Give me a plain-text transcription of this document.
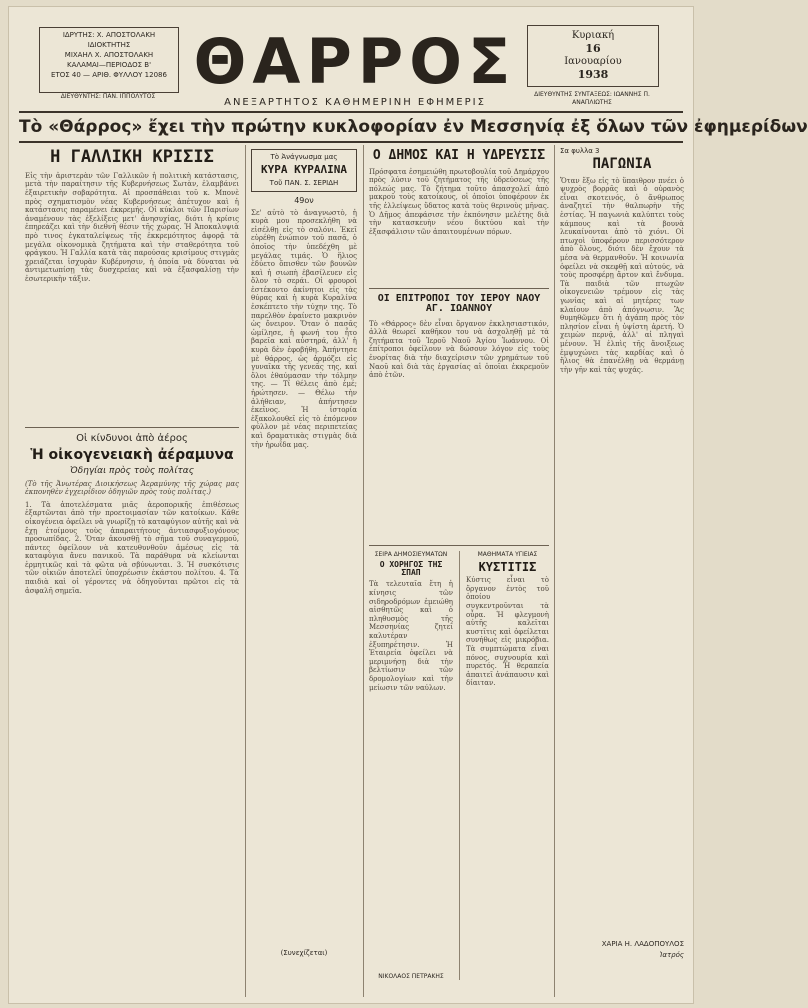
ΙΔΡΥΤΗΣ: Χ. ΑΠΟΣΤΟΛΑΚΗ
ΙΔΙΟΚΤΗΤΗΣ
ΜΙΧΑΗΛ Χ. ΑΠΟΣΤΟΛΑΚΗ
ΚΑΛΑΜΑΙ—ΠΕΡΙΟΔΟΣ Β'
ΕΤΟΣ 40 — ΑΡΙΘ. ΦΥΛΛΟΥ 12086
ΔΙΕΥΘΥΝΤΗΣ: ΠΑΝ. ΙΠΠΟΛΥΤΟΣ ΘΑΡΡΟΣ
ΑΝΕΞΑΡΤΗΤΟΣ ΚΑΘΗΜΕΡΙΝΗ ΕΦΗΜΕΡΙΣ
Κυριακή
16
Ιανουαρίου
1938
ΔΙΕΥΘΥΝΤΗΣ ΣΥΝΤΑΞΕΩΣ: ΙΩΑΝΝΗΣ Π. ΑΝΑΠΛΙΩΤΗΣ
Τὸ «Θάρρος» ἔχει τὴν πρώτην κυκλοφορίαν ἐν Μεσσηνίᾳ ἐξ ὅλων τῶν ἐφημερίδων
Η ΓΑΛΛΙΚΗ ΚΡΙΣΙΣ
Εἰς τὴν ἀριστερὰν τῶν Γαλλικῶν ἡ πολιτικὴ κατάστασις, μετὰ τὴν παραίτησιν τῆς Κυβερνήσεως Σωτὰν, ἐλαμβάνει ἐξαιρετικὴν σοβαρότητα. Αἱ προσπάθειαι τοῦ κ. Μπονὲ πρὸς σχηματισμὸν νέας Κυβερνήσεως ἀπέτυχον καὶ ἡ κατάστασις παραμένει ἐκκρεμής. Οἱ κύκλοι τῶν Παρισίων ἀναμένουν τὰς ἐξελίξεις μετ' ἀνησυχίας, διότι ἡ κρίσις ἐπηρεάζει καὶ τὴν διεθνῆ θέσιν τῆς χώρας. Ἡ Ἀποκαλυψιὰ πρὸ τινος ἐγκαταλείψεως τῆς ἐκκρεμότητος ἀφορᾷ τὰ μεγάλα οἰκονομικὰ ζητήματα καὶ τὴν σταθερότητα τοῦ φράγκου. Ἡ Γαλλία κατὰ τὰς παρούσας κρισίμους στιγμὰς χρειάζεται ἰσχυρὰν Κυβέρνησιν, ἡ ὁποία νὰ δύναται νὰ ἀντιμετωπίσῃ τὰς δυσχερείας καὶ νὰ ἐξασφαλίσῃ τὴν ἐσωτερικὴν τάξιν.
Οἱ κίνδυνοι ἀπὸ ἀέρος
Ἡ οἰκογενειακὴ ἀέραμυνα
Ὁδηγίαι πρὸς τοὺς πολίτας
(Τὸ τῆς Ἀνωτέρας Διοικήσεως Ἀεραμύνης τῆς χώρας μας ἐκπονηθὲν ἐγχειρίδιον ὁδηγιῶν πρὸς τοὺς πολίτας.)
1. Τὰ ἀποτελέσματα μιᾶς ἀεροπορικῆς ἐπιθέσεως ἐξαρτῶνται ἀπὸ τὴν προετοιμασίαν τῶν κατοίκων. Κάθε οἰκογένεια ὀφείλει νὰ γνωρίζῃ τὸ καταφύγιον αὐτῆς καὶ νὰ ἔχῃ ἑτοίμους τοὺς ἀπαραιτήτους ἀντιασφυξιογόνους προσωπίδας. 2. Ὅταν ἀκουσθῇ τὸ σῆμα τοῦ συναγερμοῦ, πάντες ὀφείλουν νὰ κατευθυνθοῦν ἀμέσως εἰς τὰ καταφύγια ἄνευ πανικοῦ. Τὰ παράθυρα νὰ κλείωνται ἑρμητικῶς καὶ τὰ φῶτα νὰ σβύνωνται. 3. Ἡ συσκότισις τῶν οἰκιῶν ἀποτελεῖ ὑποχρέωσιν ἑκάστου πολίτου. 4. Τὰ παιδιὰ καὶ οἱ γέροντες νὰ ὁδηγοῦνται πρῶτοι εἰς τὰ ἀσφαλῆ σημεῖα.
Τὸ Ἀνάγνωσμα μας
ΚΥΡΑ ΚΥΡΑΛΙΝΑ
Τοῦ ΠΑΝ. Σ. ΣΕΡΙΔΗ
49ον
Σε' αὐτὸ τὸ ἀναγνωστὸ, ἡ κυρὰ μου προσεκλήθη νὰ εἰσέλθῃ εἰς τὸ σαλόνι. Ἐκεῖ εὑρέθη ἐνώπιον τοῦ πασᾶ, ὁ ὁποῖος τὴν ὑπεδέχθη μὲ μεγάλας τιμάς. Ὁ ἥλιος ἐδύετο ὄπισθεν τῶν βουνῶν καὶ ἡ σιωπὴ ἐβασίλευεν εἰς ὅλον τὸ σεράι. Οἱ φρουροὶ ἐστέκοντο ἀκίνητοι εἰς τὰς θύρας καὶ ἡ κυρὰ Κυραλίνα ἐσκέπτετο τὴν τύχην της. Τὸ παρελθὸν ἐφαίνετο μακρινὸν ὡς ὄνειρον. Ὅταν ὁ πασᾶς ὡμίλησε, ἡ φωνή του ἦτο βαρεῖα καὶ αὐστηρά, ἀλλ' ἡ κυρὰ δὲν ἐφοβήθη. Ἀπήντησε μὲ θάρρος, ὡς ἁρμόζει εἰς γυναῖκα τῆς γενεᾶς της, καὶ ὅλοι ἐθαύμασαν τὴν τόλμην της. — Τί θέλεις ἀπὸ ἐμέ; ἠρώτησεν. — Θέλω τὴν ἀλήθειαν, ἀπήντησεν ἐκεῖνος. Ἡ ἱστορία ἐξακολουθεῖ εἰς τὸ ἑπόμενον φύλλον μὲ νέας περιπετείας καὶ δραματικὰς στιγμὰς διὰ τὴν ἡρωΐδα μας.
(Συνεχίζεται)
Ο ΔΗΜΟΣ ΚΑΙ Η ΥΔΡΕΥΣΙΣ
Πρόσφατα ἐσημειώθη πρωτοβουλία τοῦ Δημάρχου πρὸς λύσιν τοῦ ζητήματος τῆς ὑδρεύσεως τῆς πόλεώς μας. Τὸ ζήτημα τοῦτο ἀπασχολεῖ ἀπὸ μακροῦ τοὺς κατοίκους, οἱ ὁποῖοι ὑποφέρουν ἐκ τῆς ἐλλείψεως ὕδατος κατὰ τοὺς θερινοὺς μῆνας. Ὁ Δῆμος ἀπεφάσισε τὴν ἐκπόνησιν μελέτης διὰ τὴν κατασκευὴν νέου δικτύου καὶ τὴν ἐξασφάλισιν τῶν ἀπαιτουμένων πόρων.
ΟΙ ΕΠΙΤΡΟΠΟΙ ΤΟΥ ΙΕΡΟΥ ΝΑΟΥ ΑΓ. ΙΩΑΝΝΟΥ
Τὸ «Θάρρος» δὲν εἶναι ὄργανον ἐκκλησιαστικόν, ἀλλὰ θεωρεῖ καθῆκον του νὰ ἀσχοληθῇ μὲ τὰ ζητήματα τοῦ Ἱεροῦ Ναοῦ Ἁγίου Ἰωάννου. Οἱ ἐπίτροποι ὀφείλουν νὰ δώσουν λόγον εἰς τοὺς ἐνορίτας διὰ τὴν διαχείρισιν τῶν χρημάτων τοῦ Ναοῦ καὶ διὰ τὰς ἐργασίας αἱ ὁποῖαι ἐκκρεμοῦν ἀπὸ ἐτῶν.
ΣΕΙΡΑ ΔΗΜΟΣΙΕΥΜΑΤΩΝ
Ο ΧΟΡΗΓΟΣ ΤΗΣ ΣΠΑΠ
Τὰ τελευταῖα ἔτη ἡ κίνησις τῶν σιδηροδρόμων ἐμειώθη αἰσθητῶς καὶ ὁ πληθυσμὸς τῆς Μεσσηνίας ζητεῖ καλυτέραν ἐξυπηρέτησιν. Ἡ Ἑταιρεία ὀφείλει νὰ μεριμνήσῃ διὰ τὴν βελτίωσιν τῶν δρομολογίων καὶ τὴν μείωσιν τῶν ναύλων.
ΝΙΚΟΛΑΟΣ ΠΕΤΡΑΚΗΣ
ΜΑΘΗΜΑΤΑ ΥΓΙΕΙΑΣ
ΚΥΣΤΙΤΙΣ
Κύστις εἶναι τὸ ὄργανον ἐντὸς τοῦ ὁποίου συγκεντροῦνται τὰ οὖρα. Ἡ φλεγμονὴ αὐτῆς καλεῖται κυστῖτις καὶ ὀφείλεται συνήθως εἰς μικρόβια. Τὰ συμπτώματα εἶναι πόνος, συχνουρία καὶ πυρετός. Ἡ θεραπεία ἀπαιτεῖ ἀνάπαυσιν καὶ δίαιταν.
Σα φυλλα 3
ΠΑΓΩΝΙΑ
Ὅταν ἔξω εἰς τὸ ὕπαιθρον πνέει ὁ ψυχρὸς βορρᾶς καὶ ὁ οὐρανὸς εἶναι σκοτεινός, ὁ ἄνθρωπος ἀναζητεῖ τὴν θαλπωρὴν τῆς ἑστίας. Ἡ παγωνιὰ καλύπτει τοὺς κάμπους καὶ τὰ βουνὰ λευκαίνονται ἀπὸ τὸ χιόνι. Οἱ πτωχοὶ ὑποφέρουν περισσότερον ἀπὸ ὅλους, διότι δὲν ἔχουν τὰ μέσα νὰ θερμανθοῦν. Ἡ κοινωνία ὀφείλει νὰ σκεφθῇ καὶ αὐτούς, νὰ τοὺς προσφέρῃ ἄρτον καὶ ἔνδυμα. Τὰ παιδιὰ τῶν πτωχῶν οἰκογενειῶν τρέμουν εἰς τὰς γωνίας καὶ αἱ μητέρες των κλαίουν ἀπὸ ἀπόγνωσιν. Ἂς θυμηθῶμεν ὅτι ἡ ἀγάπη πρὸς τὸν πλησίον εἶναι ἡ ὑψίστη ἀρετή. Ὁ χειμὼν περνᾷ, ἀλλ' αἱ πληγαὶ μένουν. Ἡ ἐλπὶς τῆς ἄνοιξεως ἐμψυχώνει τὰς καρδίας καὶ ὁ ἥλιος θὰ ἐπανέλθῃ νὰ θερμάνῃ τὴν γῆν καὶ τὰς ψυχάς.
ΧΑΡΙΑ Η. ΛΑΔΟΠΟΥΛΟΣ
Ἰατρός
